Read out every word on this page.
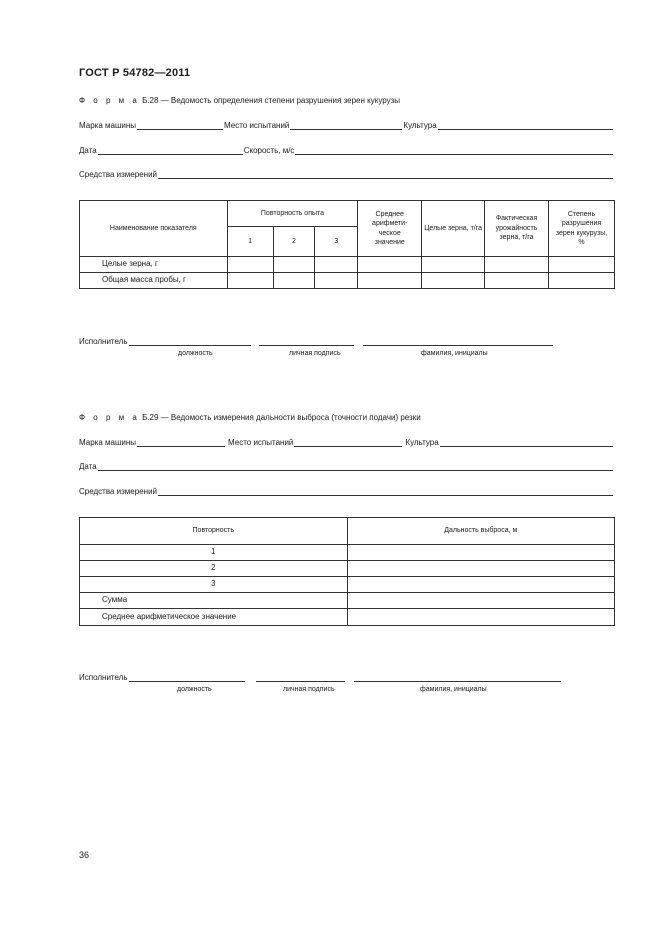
ГОСТ Р 54782—2011
Ф о р м а Б.28 — Ведомость определения степени разрушения зерен кукурузы
Марка машины	Место испытаний	Культура
Дата	Скорость, м/с
Средства измерений
Наименование показателя	Повторность опыта			Среднее арифмети-ческое значение	Целые зерна, т/га	Фактическая урожайность зерна, т/га	Степень разрушения зерен кукурузы, %
	1	2	3				
Целые зерна, г							
Общая масса пробы, г							
Исполнитель
должность	личная подпись	фамилия, инициалы
Ф о р м а Б.29 — Ведомость измерения дальности выброса (точности подачи) резки
Марка машины	Место испытаний	Культура
Дата
Средства измерений
Повторность	Дальность выброса, м
1	
2	
3	
Сумма	
Среднее арифметическое значение	
Исполнитель
должность	личная подпись	фамилия, инициалы
36
